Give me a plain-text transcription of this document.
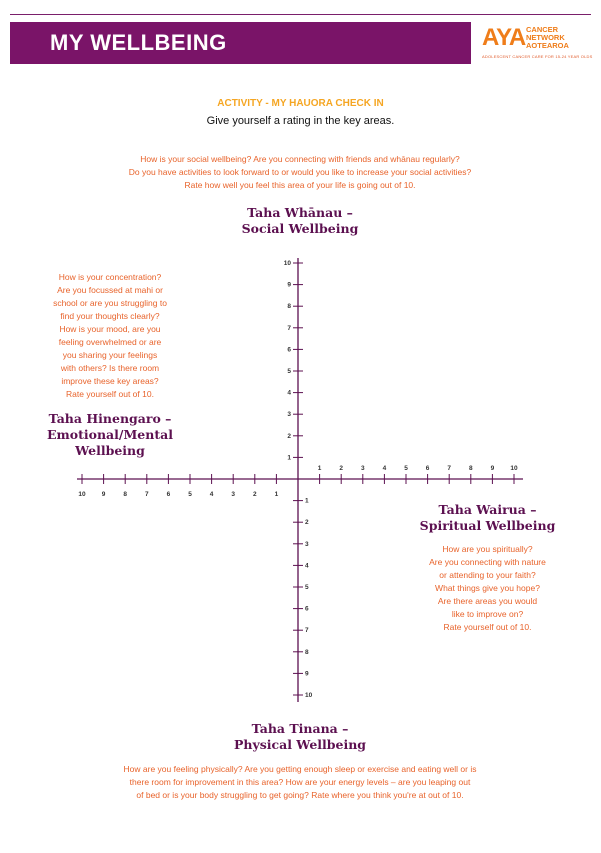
MY WELLBEING	AYA CANCER
NETWORK
AOTEAROA
ADOLESCENT CANCER CARE FOR 15-24 YEAR OLDS
ACTIVITY - MY HAUORA CHECK IN
Give yourself a rating in the key areas.
How is your social wellbeing? Are you connecting with friends and whānau regularly?
Do you have activities to look forward to or would you like to increase your social activities?
Rate how well you feel this area of your life is going out of 10.
Taha Whānau –
Social Wellbeing
How is your concentration?
Are you focussed at mahi or
school or are you struggling to
find your thoughts clearly?
How is your mood, are you
feeling overwhelmed or are
you sharing your feelings
with others? Is there room
improve these key areas?
Rate yourself out of 10.
Taha Hinengaro –
Emotional/Mental
Wellbeing
Taha Wairua –
Spiritual Wellbeing
How are you spiritually?
Are you connecting with nature
or attending to your faith?
What things give you hope?
Are there areas you would
like to improve on?
Rate yourself out of 10.
Taha Tinana –
Physical Wellbeing
How are you feeling physically? Are you getting enough sleep or exercise and eating well or is
there room for improvement in this area? How are your energy levels – are you leaping out
of bed or is your body struggling to get going? Rate where you think you're at out of 10.
1
2
3
4
5
6
7
8
9
10
1
2
3
4
5
6
7
8
9
10
1	2	3	4	5	6	7	8	9 10
1
2
3
4
5
6
7
8
9
10
